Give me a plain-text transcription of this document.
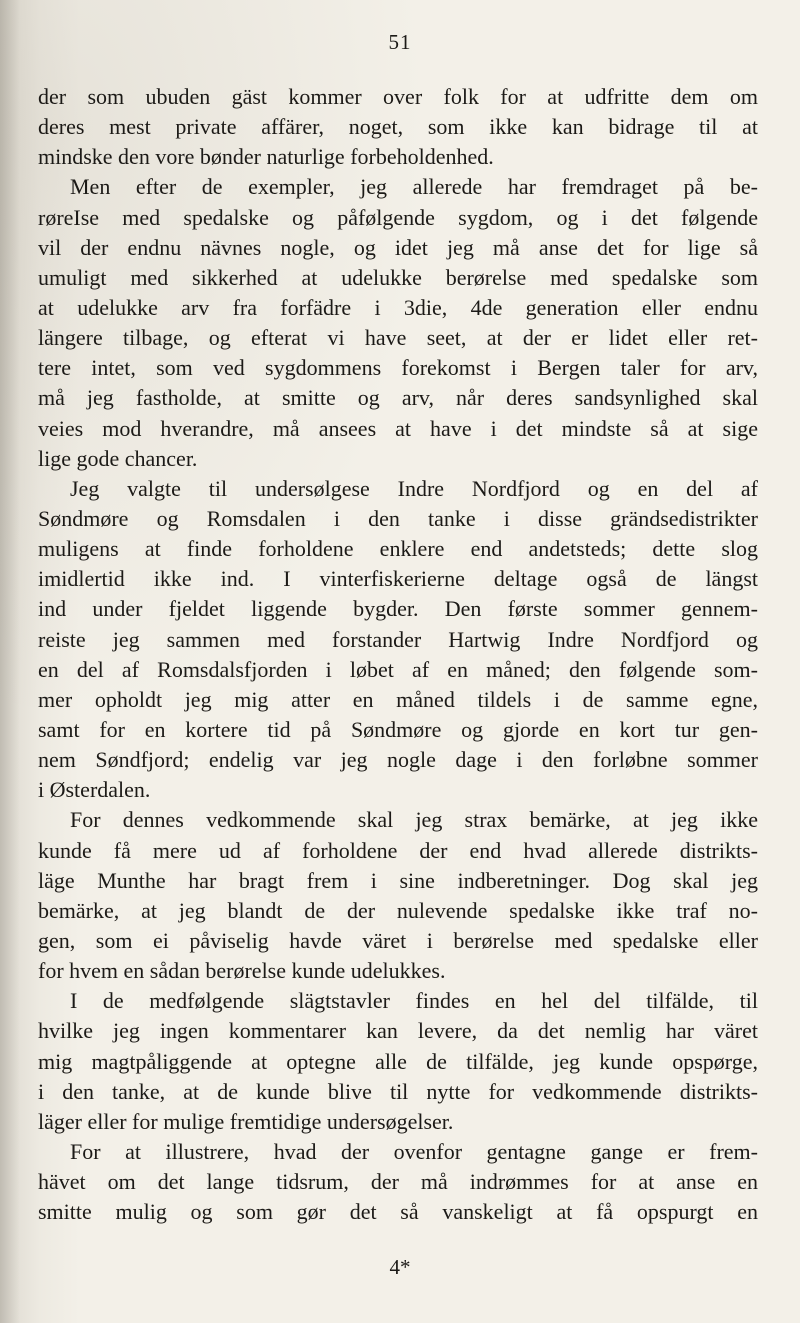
51
der som ubuden gäst kommer over folk for at udfritte dem om
deres mest private affärer, noget, som ikke kan bidrage til at
mindske den vore bønder naturlige forbeholdenhed.
Men efter de exempler, jeg allerede har fremdraget på be-
røreIse med spedalske og påfølgende sygdom, og i det følgende
vil der endnu nävnes nogle, og idet jeg må anse det for lige så
umuligt med sikkerhed at udelukke berørelse med spedalske som
at udelukke arv fra forfädre i 3die, 4de generation eller endnu
längere tilbage, og efterat vi have seet, at der er lidet eller ret-
tere intet, som ved sygdommens forekomst i Bergen taler for arv,
må jeg fastholde, at smitte og arv, når deres sandsynlighed skal
veies mod hverandre, må ansees at have i det mindste så at sige
lige gode chancer.
Jeg valgte til undersølgese Indre Nordfjord og en del af
Søndmøre og Romsdalen i den tanke i disse grändsedistrikter
muligens at finde forholdene enklere end andetsteds; dette slog
imidlertid ikke ind. I vinterfiskerierne deltage også de längst
ind under fjeldet liggende bygder. Den første sommer gennem-
reiste jeg sammen med forstander Hartwig Indre Nordfjord og
en del af Romsdalsfjorden i løbet af en måned; den følgende som-
mer opholdt jeg mig atter en måned tildels i de samme egne,
samt for en kortere tid på Søndmøre og gjorde en kort tur gen-
nem Søndfjord; endelig var jeg nogle dage i den forløbne sommer
i Østerdalen.
For dennes vedkommende skal jeg strax bemärke, at jeg ikke
kunde få mere ud af forholdene der end hvad allerede distrikts-
läge Munthe har bragt frem i sine indberetninger. Dog skal jeg
bemärke, at jeg blandt de der nulevende spedalske ikke traf no-
gen, som ei påviselig havde väret i berørelse med spedalske eller
for hvem en sådan berørelse kunde udelukkes.
I de medfølgende slägtstavler findes en hel del tilfälde, til
hvilke jeg ingen kommentarer kan levere, da det nemlig har väret
mig magtpåliggende at optegne alle de tilfälde, jeg kunde opspørge,
i den tanke, at de kunde blive til nytte for vedkommende distrikts-
läger eller for mulige fremtidige undersøgelser.
For at illustrere, hvad der ovenfor gentagne gange er frem-
hävet om det lange tidsrum, der må indrømmes for at anse en
smitte mulig og som gør det så vanskeligt at få opspurgt en
4*
